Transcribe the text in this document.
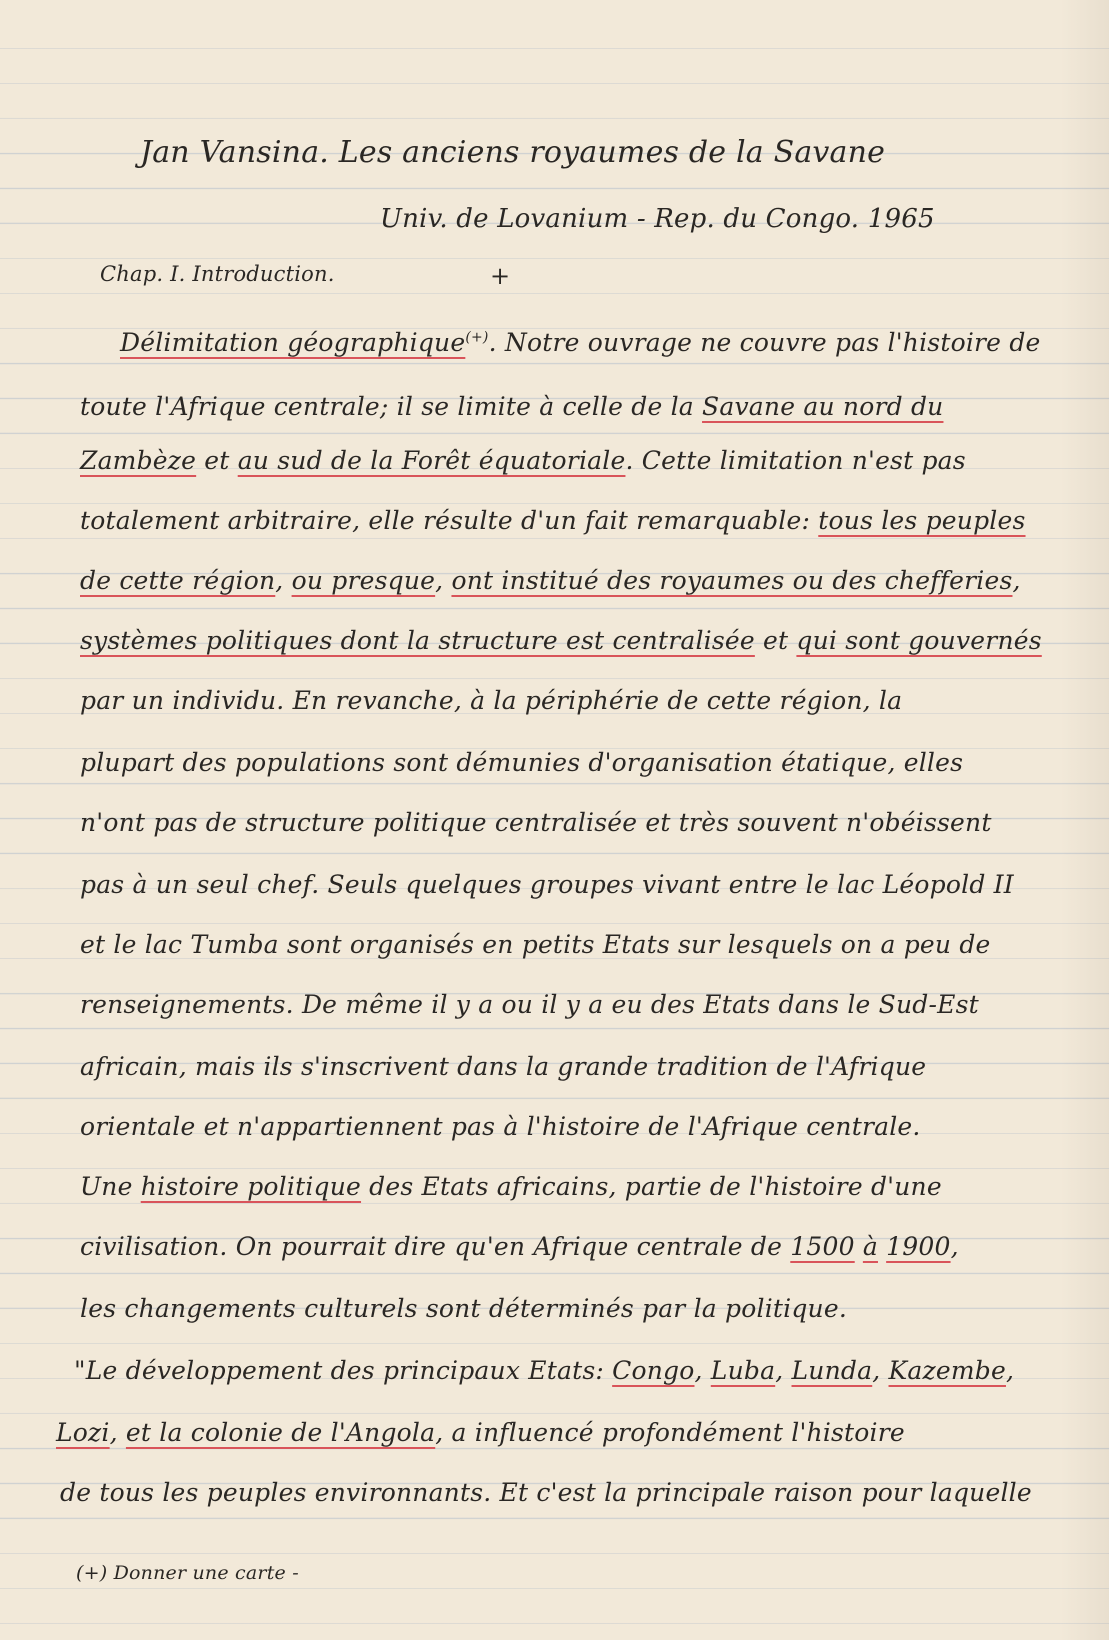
Jan Vansina. Les anciens royaumes de la Savane
Univ. de Lovanium - Rep. du Congo. 1965
Chap. I. Introduction.	+
Délimitation géographique(+). Notre ouvrage ne couvre pas l'histoire de
toute l'Afrique centrale; il se limite à celle de la Savane au nord du
Zambèze et au sud de la Forêt équatoriale. Cette limitation n'est pas
totalement arbitraire, elle résulte d'un fait remarquable: tous les peuples
de cette région, ou presque, ont institué des royaumes ou des chefferies,
systèmes politiques dont la structure est centralisée et qui sont gouvernés
par un individu. En revanche, à la périphérie de cette région, la
plupart des populations sont démunies d'organisation étatique, elles
n'ont pas de structure politique centralisée et très souvent n'obéissent
pas à un seul chef. Seuls quelques groupes vivant entre le lac Léopold II
et le lac Tumba sont organisés en petits Etats sur lesquels on a peu de
renseignements. De même il y a ou il y a eu des Etats dans le Sud-Est
africain, mais ils s'inscrivent dans la grande tradition de l'Afrique
orientale et n'appartiennent pas à l'histoire de l'Afrique centrale.
Une histoire politique des Etats africains, partie de l'histoire d'une
civilisation. On pourrait dire qu'en Afrique centrale de 1500 à 1900,
les changements culturels sont déterminés par la politique.
"Le développement des principaux Etats: Congo, Luba, Lunda, Kazembe,
Lozi, et la colonie de l'Angola, a influencé profondément l'histoire
de tous les peuples environnants. Et c'est la principale raison pour laquelle
(+) Donner une carte -
